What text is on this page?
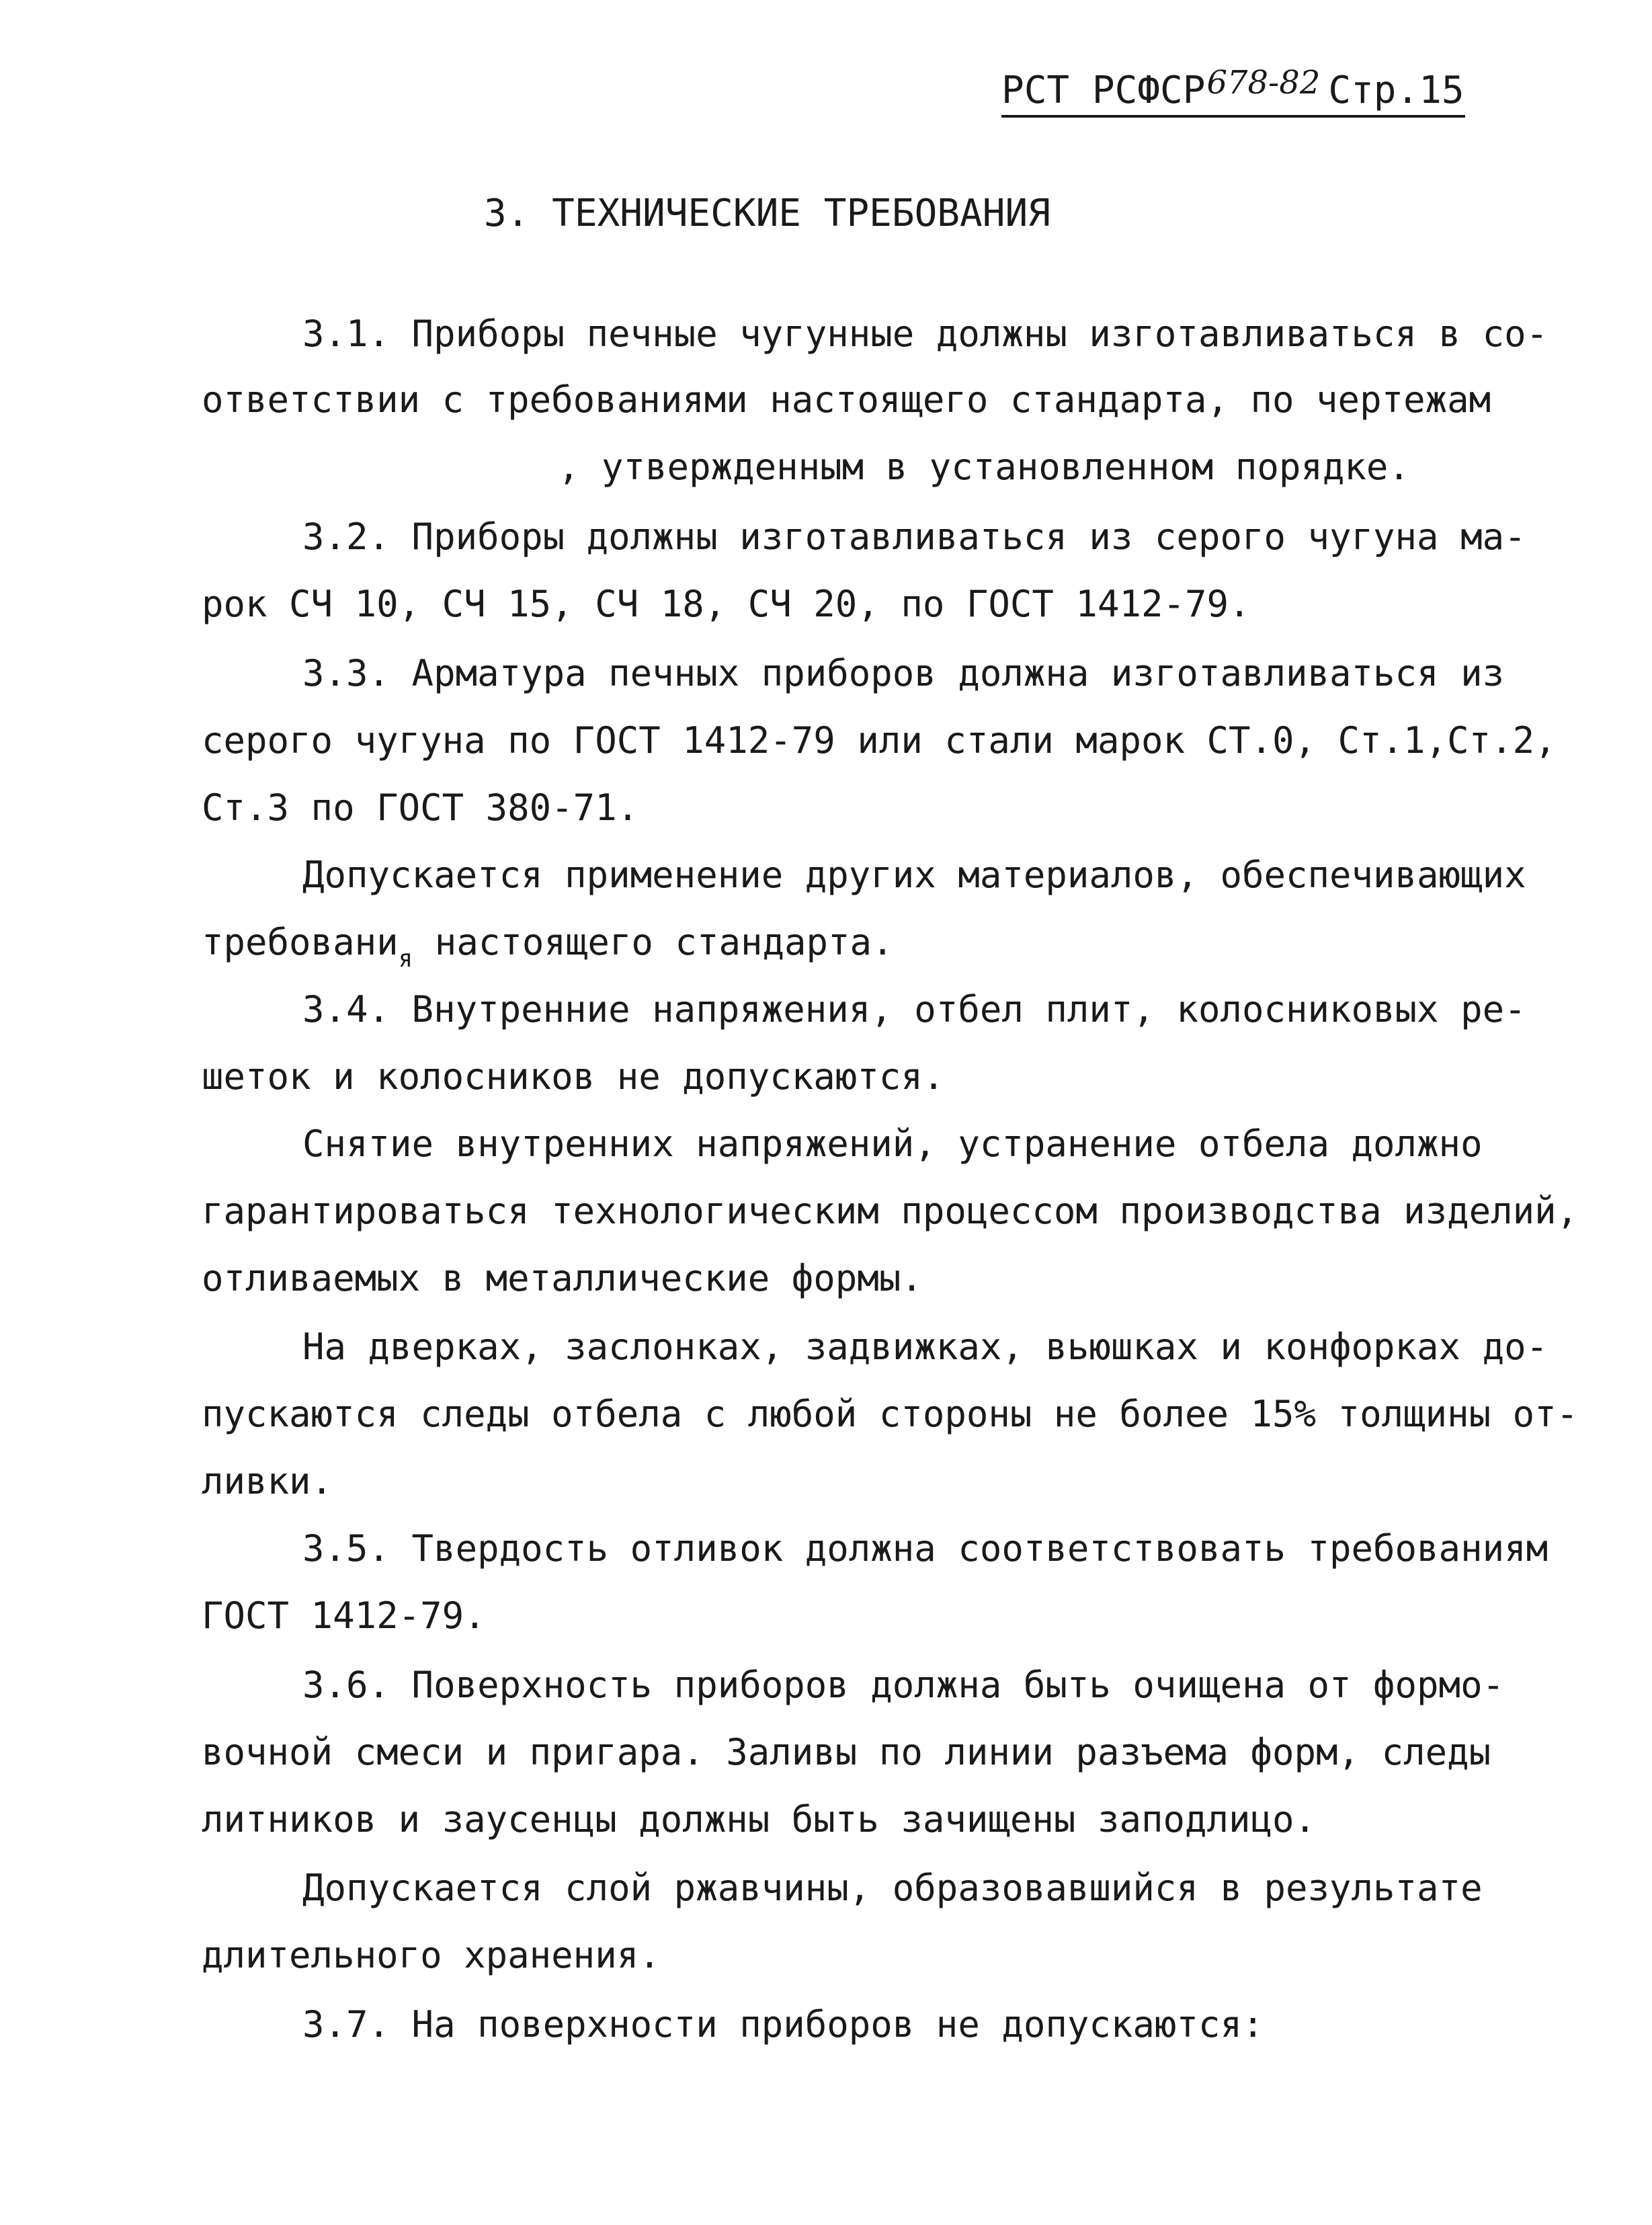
РСТ РСФСР678-82 Стр.15
3. ТЕХНИЧЕСКИЕ ТРЕБОВАНИЯ
3.1. Приборы печные чугунные должны изготавливаться в со-
ответствии с требованиями настоящего стандарта, по чертежам
, утвержденным в установленном порядке.
3.2. Приборы должны изготавливаться из серого чугуна ма-
рок СЧ 10, СЧ 15, СЧ 18, СЧ 20, по ГОСТ 1412-79.
3.3. Арматура печных приборов должна изготавливаться из
серого чугуна по ГОСТ 1412-79 или стали марок СТ.0, Ст.1,Ст.2,
Ст.3 по ГОСТ 380-71.
Допускается применение других материалов, обеспечивающих
требовани$_я$ настоящего стандарта.
3.4. Внутренние напряжения, отбел плит, колосниковых ре-
шеток и колосников не допускаются.
Снятие внутренних напряжений, устранение отбела должно
гарантироваться технологическим процессом производства изделий,
отливаемых в металлические формы.
На дверках, заслонках, задвижках, вьюшках и конфорках до-
пускаются следы отбела с любой стороны не более 15% толщины от-
ливки.
3.5. Твердость отливок должна соответствовать требованиям
ГОСТ 1412-79.
3.6. Поверхность приборов должна быть очищена от формо-
вочной смеси и пригара. Заливы по линии разъема форм, следы
литников и заусенцы должны быть зачищены заподлицо.
Допускается слой ржавчины, образовавшийся в результате
длительного хранения.
3.7. На поверхности приборов не допускаются:
